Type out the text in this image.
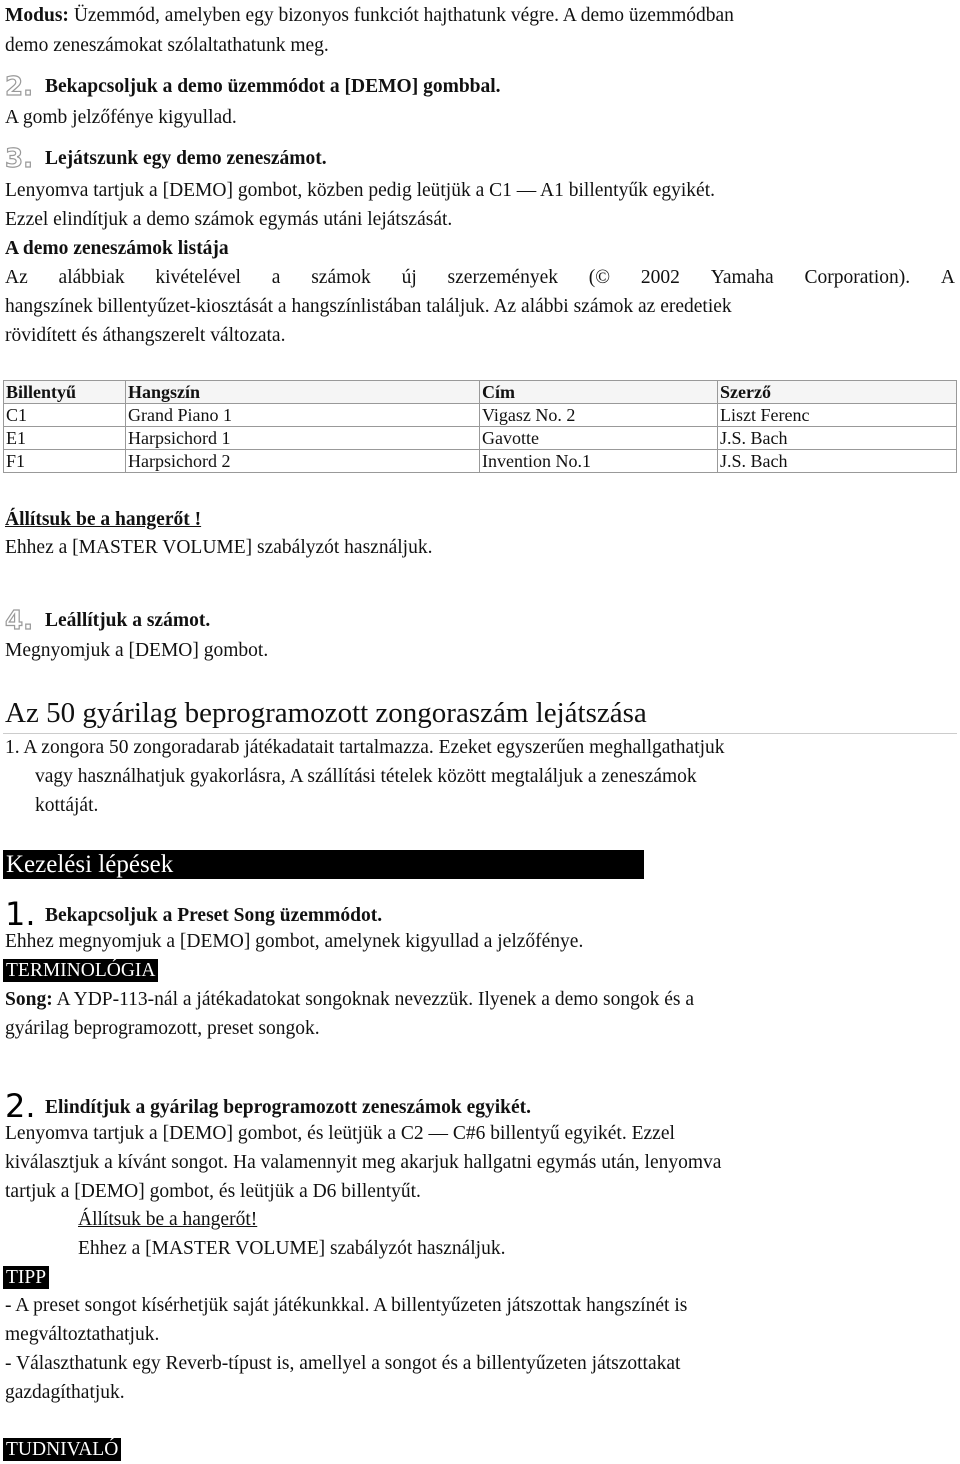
Modus: Üzemmód, amelyben egy bizonyos funkciót hajthatunk végre. A demo üzemmódban
demo zeneszámokat szólaltathatunk meg.
2. Bekapcsoljuk a demo üzemmódot a [DEMO] gombbal.
A gomb jelzőfénye kigyullad.
3. Lejátszunk egy demo zeneszámot.
Lenyomva tartjuk a [DEMO] gombot, közben pedig leütjük a C1 — A1 billentyűk egyikét.
Ezzel elindítjuk a demo számok egymás utáni lejátszását.
A demo zeneszámok listája
Az alábbiak kivételével a számok új szerzemények (© 2002 Yamaha Corporation). A
hangszínek billentyűzet-kiosztását a hangszínlistában találjuk. Az alábbi számok az eredetiek
rövidített és áthangszerelt változata.
Billentyű	Hangszín	Cím	Szerző
C1	Grand Piano 1	Vigasz No. 2	Liszt Ferenc
E1	Harpsichord 1	Gavotte	J.S. Bach
F1	Harpsichord 2	Invention No.1	J.S. Bach
Állítsuk be a hangerőt !
Ehhez a [MASTER VOLUME] szabályzót használjuk.
4. Leállítjuk a számot.
Megnyomjuk a [DEMO] gombot.
Az 50 gyárilag beprogramozott zongoraszám lejátszása
1. A zongora 50 zongoradarab játékadatait tartalmazza. Ezeket egyszerűen meghallgathatjuk
vagy használhatjuk gyakorlásra, A szállítási tételek között megtaláljuk a zeneszámok
kottáját.
Kezelési lépések
1. Bekapcsoljuk a Preset Song üzemmódot.
Ehhez megnyomjuk a [DEMO] gombot, amelynek kigyullad a jelzőfénye.
TERMINOLÓGIA
Song: A YDP-113-nál a játékadatokat songoknak nevezzük. Ilyenek a demo songok és a
gyárilag beprogramozott, preset songok.
2. Elindítjuk a gyárilag beprogramozott zeneszámok egyikét.
Lenyomva tartjuk a [DEMO] gombot, és leütjük a C2 — C#6 billentyű egyikét. Ezzel
kiválasztjuk a kívánt songot. Ha valamennyit meg akarjuk hallgatni egymás után, lenyomva
tartjuk a [DEMO] gombot, és leütjük a D6 billentyűt.
Állítsuk be a hangerőt!
Ehhez a [MASTER VOLUME] szabályzót használjuk.
TIPP
- A preset songot kísérhetjük saját játékunkkal. A billentyűzeten játszottak hangszínét is
megváltoztathatjuk.
- Választhatunk egy Reverb-típust is, amellyel a songot és a billentyűzeten játszottakat
gazdagíthatjuk.
TUDNIVALÓ
